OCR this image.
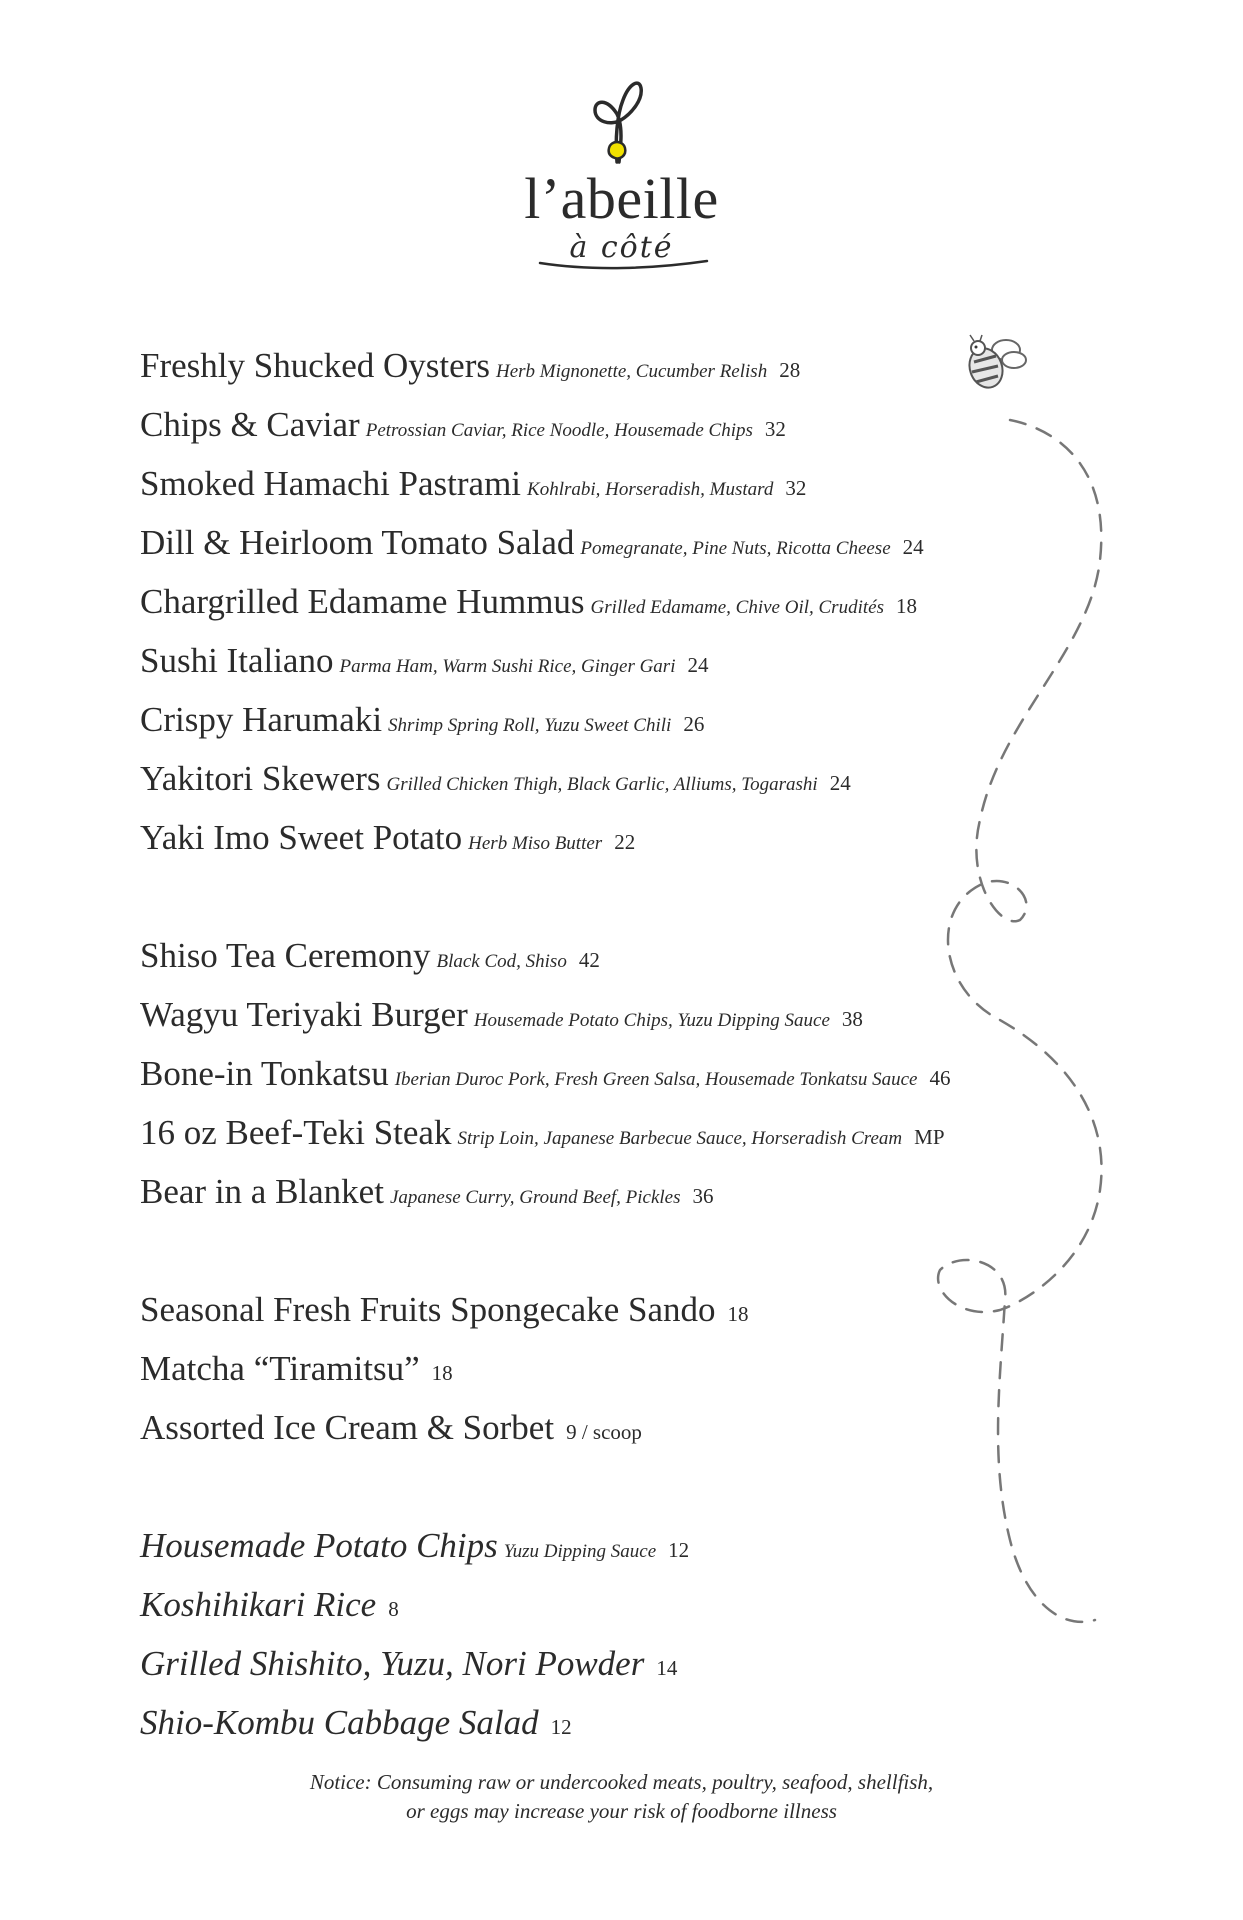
l’abeille
à côté
Freshly Shucked Oysters Herb Mignonette, Cucumber Relish 28
Chips & Caviar Petrossian Caviar, Rice Noodle, Housemade Chips 32
Smoked Hamachi Pastrami Kohlrabi, Horseradish, Mustard 32
Dill & Heirloom Tomato Salad Pomegranate, Pine Nuts, Ricotta Cheese 24
Chargrilled Edamame Hummus Grilled Edamame, Chive Oil, Crudités 18
Sushi Italiano Parma Ham, Warm Sushi Rice, Ginger Gari 24
Crispy Harumaki Shrimp Spring Roll, Yuzu Sweet Chili 26
Yakitori Skewers Grilled Chicken Thigh, Black Garlic, Alliums, Togarashi 24
Yaki Imo Sweet Potato Herb Miso Butter 22
Shiso Tea Ceremony Black Cod, Shiso 42
Wagyu Teriyaki Burger Housemade Potato Chips, Yuzu Dipping Sauce 38
Bone-in Tonkatsu Iberian Duroc Pork, Fresh Green Salsa, Housemade Tonkatsu Sauce 46
16 oz Beef-Teki Steak Strip Loin, Japanese Barbecue Sauce, Horseradish Cream MP
Bear in a Blanket Japanese Curry, Ground Beef, Pickles 36
Seasonal Fresh Fruits Spongecake Sando 18
Matcha “Tiramitsu” 18
Assorted Ice Cream & Sorbet 9 / scoop
Housemade Potato Chips Yuzu Dipping Sauce 12
Koshihikari Rice 8
Grilled Shishito, Yuzu, Nori Powder 14
Shio-Kombu Cabbage Salad 12
Notice: Consuming raw or undercooked meats, poultry, seafood, shellfish,
or eggs may increase your risk of foodborne illness
